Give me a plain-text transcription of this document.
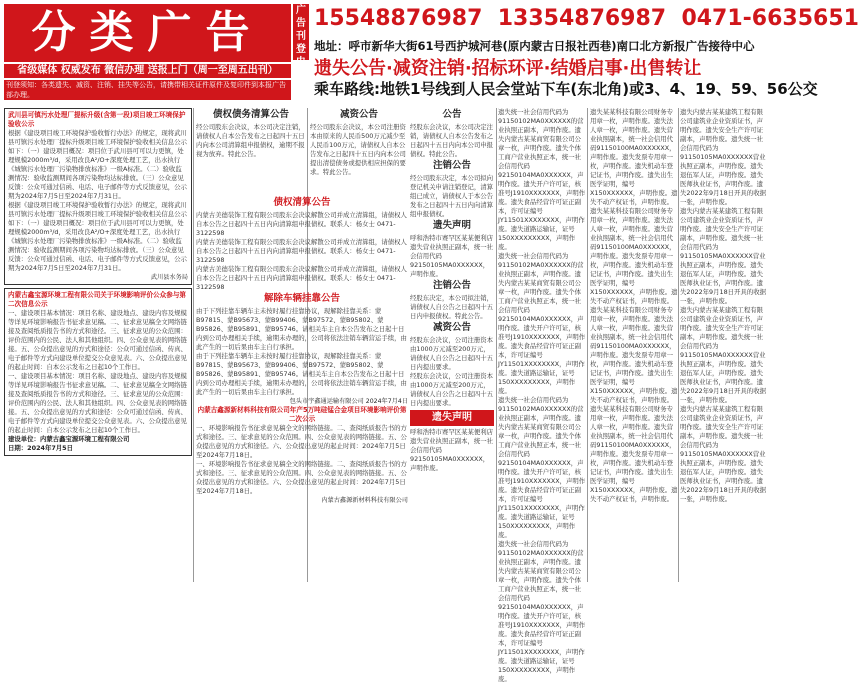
分类广告
省级媒体 权威发布 微信办理 送报上门（周一至周五出刊）
刊登须知：各类遗失、减资、注销、挂失等公告，请携带相关证件原件及复印件到本报广告部办理。
广告刊登电话
15548876987 13354876987 0471-6635651
地址：呼市新华大街61号西护城河巷(原内蒙古日报社西巷)南口北方新报广告接待中心
遗失公告·减资注销·招标环评·结婚启事·出售转让
乘车路线:地铁1号线到人民会堂站下车(东北角)或3、4、19、59、56公交
武川县可镇污水处理厂提标升级(含第一段)项目竣工环境保护验收公示
根据《建设项目竣工环境保护验收暂行办法》的规定，现将武川县可镇污水处理厂提标升级项目竣工环境保护验收相关信息公示如下：（一）建设项目概况：项目位于武川县可可以力更镇，处理规模2000m³/d，采用改良A²/O+深度处理工艺，出水执行《城镇污水处理厂污染物排放标准》一级A标准。（二）验收监测情况：验收监测期间各项污染物均达标排放。（三）公众意见反馈：公众可通过信函、电话、电子邮件等方式反馈意见，公示期为2024年7月5日至2024年7月31日。
根据《建设项目竣工环境保护验收暂行办法》的规定，现将武川县可镇污水处理厂提标升级项目竣工环境保护验收相关信息公示如下：（一）建设项目概况：项目位于武川县可可以力更镇，处理规模2000m³/d，采用改良A²/O+深度处理工艺，出水执行《城镇污水处理厂污染物排放标准》一级A标准。（二）验收监测情况：验收监测期间各项污染物均达标排放。（三）公众意见反馈：公众可通过信函、电话、电子邮件等方式反馈意见，公示期为2024年7月5日至2024年7月31日。
武川县水务局
内蒙古鑫宝源环境工程有限公司关于环境影响评价公众参与第二次信息公示
一、建设项目基本情况：项目名称、建设地点、建设内容及规模等详见环境影响报告书征求意见稿。二、征求意见稿全文网络链接及查阅纸质报告书的方式和途径。三、征求意见的公众范围：评价范围内的公民、法人和其他组织。四、公众意见表的网络链接。五、公众提出意见的方式和途径：公众可通过信函、传真、电子邮件等方式向建设单位提交公众意见表。六、公众提出意见的起止时间：自本公示发布之日起10个工作日。
一、建设项目基本情况：项目名称、建设地点、建设内容及规模等详见环境影响报告书征求意见稿。二、征求意见稿全文网络链接及查阅纸质报告书的方式和途径。三、征求意见的公众范围：评价范围内的公民、法人和其他组织。四、公众意见表的网络链接。五、公众提出意见的方式和途径：公众可通过信函、传真、电子邮件等方式向建设单位提交公众意见表。六、公众提出意见的起止时间：自本公示发布之日起10个工作日。
建设单位：内蒙古鑫宝源环境工程有限公司
日期：2024年7月5日
债权债务清算公告
经公司股东会决议，本公司决定注销，请债权人自本公告发布之日起四十五日内向本公司清算组申报债权，逾期不报视为放弃。特此公告。
减资公告
经公司股东会决议，本公司注册资本由原来的人民币500万元减少至人民币100万元，请债权人自本公告发布之日起四十五日内向本公司提出清偿债务或提供相应担保的要求。特此公告。
债权清算公告
内蒙古美德装饰工程有限公司股东会决议解散公司并成立清算组，请债权人自本公告之日起四十五日内向清算组申报债权。联系人：杨女士 0471-3122598
内蒙古美德装饰工程有限公司股东会决议解散公司并成立清算组，请债权人自本公告之日起四十五日内向清算组申报债权。联系人：杨女士 0471-3122598
内蒙古美德装饰工程有限公司股东会决议解散公司并成立清算组，请债权人自本公告之日起四十五日内向清算组申报债权。联系人：杨女士 0471-3122598
解除车辆挂靠公告
由于下列挂靠车辆车主未按时履行挂靠协议，现解除挂靠关系：蒙B97815、蒙B95673、蒙B99406、蒙B97572、蒙B95802、蒙B95826、蒙B95891、蒙B95746。请相关车主自本公告发布之日起十日内到公司办理相关手续，逾期未办理的，公司将依法注销车辆营运手续，由此产生的一切后果由车主自行承担。
由于下列挂靠车辆车主未按时履行挂靠协议，现解除挂靠关系：蒙B97815、蒙B95673、蒙B99406、蒙B97572、蒙B95802、蒙B95826、蒙B95891、蒙B95746。请相关车主自本公告发布之日起十日内到公司办理相关手续，逾期未办理的，公司将依法注销车辆营运手续，由此产生的一切后果由车主自行承担。
包头市宇鑫通运输有限公司 2024年7月4日
内蒙古鑫源新材料科技有限公司年产5万吨硅锰合金项目环境影响评价第二次公示
一、环境影响报告书征求意见稿全文的网络链接。二、查阅纸质报告书的方式和途径。三、征求意见的公众范围。四、公众意见表的网络链接。五、公众提出意见的方式和途径。六、公众提出意见的起止时间：2024年7月5日至2024年7月18日。
一、环境影响报告书征求意见稿全文的网络链接。二、查阅纸质报告书的方式和途径。三、征求意见的公众范围。四、公众意见表的网络链接。五、公众提出意见的方式和途径。六、公众提出意见的起止时间：2024年7月5日至2024年7月18日。
内蒙古鑫源新材料科技有限公司
公告
经股东会决议，本公司决定注销，请债权人自本公告发布之日起四十五日内向本公司申报债权。特此公告。
注销公告
经公司股东决定，本公司拟向登记机关申请注销登记，清算组已成立，请债权人于本公告发布之日起四十五日内向清算组申报债权。
遗失声明
呼和浩特市赛罕区某某便利店遗失营业执照正副本，统一社会信用代码92150105MA0XXXXXX，声明作废。
注销公告
经股东决定，本公司拟注销，请债权人自公告之日起四十五日内申报债权。特此公告。
减资公告
经股东会决议，公司注册资本由1000万元减至200万元，请债权人自公告之日起四十五日内提出要求。
经股东会决议，公司注册资本由1000万元减至200万元，请债权人自公告之日起四十五日内提出要求。
遗失声明
呼和浩特市赛罕区某某便利店遗失营业执照正副本，统一社会信用代码92150105MA0XXXXXX，声明作废。
遗失统一社会信用代码为91150102MA0XXXXXX的营业执照正副本，声明作废。遗失内蒙古某某商贸有限公司公章一枚，声明作废。遗失个体工商户营业执照正本，统一社会信用代码92150104MA0XXXXXX，声明作废。遗失开户许可证，核准号J1910XXXXXXX，声明作废。遗失食品经营许可证正副本，许可证编号JY11501XXXXXXXX，声明作废。遗失道路运输证，证号150XXXXXXXXX，声明作废。
遗失统一社会信用代码为91150102MA0XXXXXX的营业执照正副本，声明作废。遗失内蒙古某某商贸有限公司公章一枚，声明作废。遗失个体工商户营业执照正本，统一社会信用代码92150104MA0XXXXXX，声明作废。遗失开户许可证，核准号J1910XXXXXXX，声明作废。遗失食品经营许可证正副本，许可证编号JY11501XXXXXXXX，声明作废。遗失道路运输证，证号150XXXXXXXXX，声明作废。
遗失统一社会信用代码为91150102MA0XXXXXX的营业执照正副本，声明作废。遗失内蒙古某某商贸有限公司公章一枚，声明作废。遗失个体工商户营业执照正本，统一社会信用代码92150104MA0XXXXXX，声明作废。遗失开户许可证，核准号J1910XXXXXXX，声明作废。遗失食品经营许可证正副本，许可证编号JY11501XXXXXXXX，声明作废。遗失道路运输证，证号150XXXXXXXXX，声明作废。
遗失统一社会信用代码为91150102MA0XXXXXX的营业执照正副本，声明作废。遗失内蒙古某某商贸有限公司公章一枚，声明作废。遗失个体工商户营业执照正本，统一社会信用代码92150104MA0XXXXXX，声明作废。遗失开户许可证，核准号J1910XXXXXXX，声明作废。遗失食品经营许可证正副本，许可证编号JY11501XXXXXXXX，声明作废。遗失道路运输证，证号150XXXXXXXXX，声明作废。
遗失某某科技有限公司财务专用章一枚，声明作废。遗失法人章一枚，声明作废。遗失营业执照副本，统一社会信用代码91150100MA0XXXXXX，声明作废。遗失发票专用章一枚，声明作废。遗失机动车登记证书，声明作废。遗失出生医学证明，编号X150XXXXXX，声明作废。遗失不动产权证书，声明作废。
遗失某某科技有限公司财务专用章一枚，声明作废。遗失法人章一枚，声明作废。遗失营业执照副本，统一社会信用代码91150100MA0XXXXXX，声明作废。遗失发票专用章一枚，声明作废。遗失机动车登记证书，声明作废。遗失出生医学证明，编号X150XXXXXX，声明作废。遗失不动产权证书，声明作废。
遗失某某科技有限公司财务专用章一枚，声明作废。遗失法人章一枚，声明作废。遗失营业执照副本，统一社会信用代码91150100MA0XXXXXX，声明作废。遗失发票专用章一枚，声明作废。遗失机动车登记证书，声明作废。遗失出生医学证明，编号X150XXXXXX，声明作废。遗失不动产权证书，声明作废。
遗失某某科技有限公司财务专用章一枚，声明作废。遗失法人章一枚，声明作废。遗失营业执照副本，统一社会信用代码91150100MA0XXXXXX，声明作废。遗失发票专用章一枚，声明作废。遗失机动车登记证书，声明作废。遗失出生医学证明，编号X150XXXXXX，声明作废。遗失不动产权证书，声明作废。
遗失内蒙古某某建筑工程有限公司建筑业企业资质证书，声明作废。遗失安全生产许可证副本，声明作废。遗失统一社会信用代码为91150105MA0XXXXXX营业执照正副本，声明作废。遗失退伍军人证，声明作废。遗失医师执业证书，声明作废。遗失2022年9月18日开具的收据一张，声明作废。
遗失内蒙古某某建筑工程有限公司建筑业企业资质证书，声明作废。遗失安全生产许可证副本，声明作废。遗失统一社会信用代码为91150105MA0XXXXXX营业执照正副本，声明作废。遗失退伍军人证，声明作废。遗失医师执业证书，声明作废。遗失2022年9月18日开具的收据一张，声明作废。
遗失内蒙古某某建筑工程有限公司建筑业企业资质证书，声明作废。遗失安全生产许可证副本，声明作废。遗失统一社会信用代码为91150105MA0XXXXXX营业执照正副本，声明作废。遗失退伍军人证，声明作废。遗失医师执业证书，声明作废。遗失2022年9月18日开具的收据一张，声明作废。
遗失内蒙古某某建筑工程有限公司建筑业企业资质证书，声明作废。遗失安全生产许可证副本，声明作废。遗失统一社会信用代码为91150105MA0XXXXXX营业执照正副本，声明作废。遗失退伍军人证，声明作废。遗失医师执业证书，声明作废。遗失2022年9月18日开具的收据一张，声明作废。
